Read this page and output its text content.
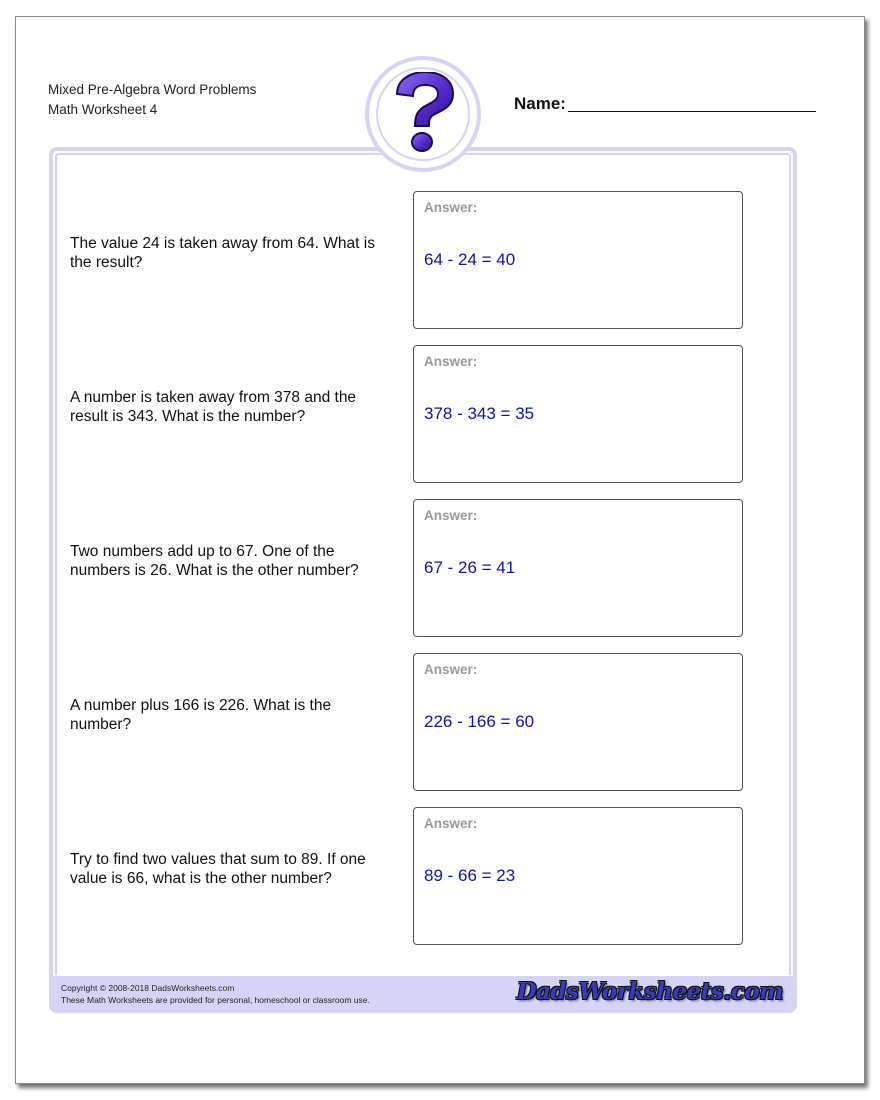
Mixed Pre-Algebra Word Problems
Math Worksheet 4	Name:
The value 24 is taken away from 64. What is the result?
Answer:
64 - 24 = 40
A number is taken away from 378 and the result is 343. What is the number?
Answer:
378 - 343 = 35
Two numbers add up to 67. One of the numbers is 26. What is the other number?
Answer:
67 - 26 = 41
A number plus 166 is 226. What is the number?
Answer:
226 - 166 = 60
Try to find two values that sum to 89. If one value is 66, what is the other number?
Answer:
89 - 66 = 23
Copyright © 2008-2018 DadsWorksheets.com
These Math Worksheets are provided for personal, homeschool or classroom use.	DadsWorksheets.com
